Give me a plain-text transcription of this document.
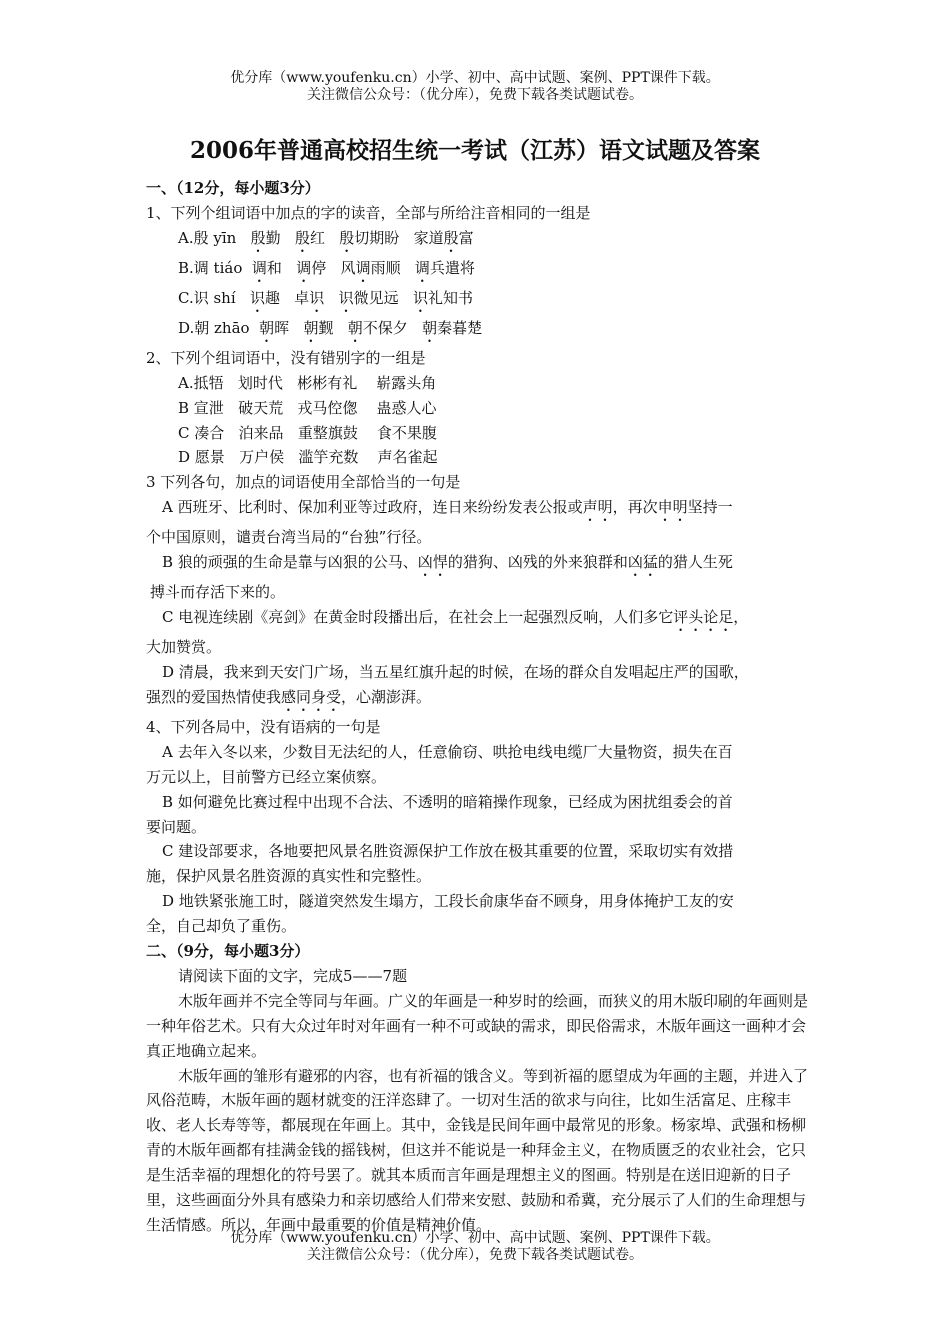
优分库（www.youfenku.cn）小学、初中、高中试题、案例、PPT课件下载。
关注微信公众号：（优分库），免费下载各类试题试卷。
2006年普通高校招生统一考试（江苏）语文试题及答案
一、（12分，每小题3分）
1、下列个组词语中加点的字的读音，全部与所给注音相同的一组是
A.殷 yīn   殷勤   殷红   殷切期盼   家道殷富
B.调 tiáo  调和   调停   风调雨顺   调兵遣将
C.识 shí   识趣   卓识 识微见远   识礼知书
D.朝 zhāo  朝晖   朝觐   朝不保夕   朝秦暮楚
2、下列个组词语中，没有错别字的一组是
A.抵牾   划时代   彬彬有礼    崭露头角
B 宣泄   破天荒   戎马倥偬    蛊惑人心
C 凑合   泊来品   重整旗鼓    食不果腹
D 愿景   万户侯   滥竽充数    声名雀起
3 下列各句，加点的词语使用全部恰当的一句是
A 西班牙、比利时、保加利亚等过政府，连日来纷纷发表公报或声明，再次申明坚持一
个中国原则，谴责台湾当局的“台独”行径。
B 狼的顽强的生命是靠与凶狠的公马、凶悍的猎狗、凶残的外来狼群和凶猛的猎人生死
搏斗而存活下来的。
C 电视连续剧《亮剑》在黄金时段播出后，在社会上一起强烈反响，人们多它评头论足，
大加赞赏。
D 清晨，我来到天安门广场，当五星红旗升起的时候，在场的群众自发唱起庄严的国歌，
强烈的爱国热情使我感同身受，心潮澎湃。
4、下列各局中，没有语病的一句是
A 去年入冬以来，少数目无法纪的人，任意偷窃、哄抢电线电缆厂大量物资，损失在百
万元以上，目前警方已经立案侦察。
B 如何避免比赛过程中出现不合法、不透明的暗箱操作现象，已经成为困扰组委会的首
要问题。
C 建设部要求，各地要把风景名胜资源保护工作放在极其重要的位置，采取切实有效措
施，保护风景名胜资源的真实性和完整性。
D 地铁紧张施工时，隧道突然发生塌方，工段长俞康华奋不顾身，用身体掩护工友的安
全，自己却负了重伤。
二、（9分，每小题3分）
请阅读下面的文字，完成5——7题
木版年画并不完全等同与年画。广义的年画是一种岁时的绘画，而狭义的用木版印刷的年画则是一种年俗艺术。只有大众过年时对年画有一种不可或缺的需求，即民俗需求，木版年画这一画种才会真正地确立起来。
木版年画的雏形有避邪的内容，也有祈福的饿含义。等到祈福的愿望成为年画的主题，并进入了风俗范畴，木版年画的题材就变的汪洋恣肆了。一切对生活的欲求与向往，比如生活富足、庄稼丰收、老人长寿等等，都展现在年画上。其中，金钱是民间年画中最常见的形象。杨家埠、武强和杨柳青的木版年画都有挂满金钱的摇钱树，但这并不能说是一种拜金主义，在物质匮乏的农业社会，它只是生活幸福的理想化的符号罢了。就其本质而言年画是理想主义的图画。特别是在送旧迎新的日子里，这些画面分外具有感染力和亲切感给人们带来安慰、鼓励和希冀，充分展示了人们的生命理想与生活情感。所以，年画中最重要的价值是精神价值。
优分库（www.youfenku.cn）小学、初中、高中试题、案例、PPT课件下载。
关注微信公众号：（优分库），免费下载各类试题试卷。
